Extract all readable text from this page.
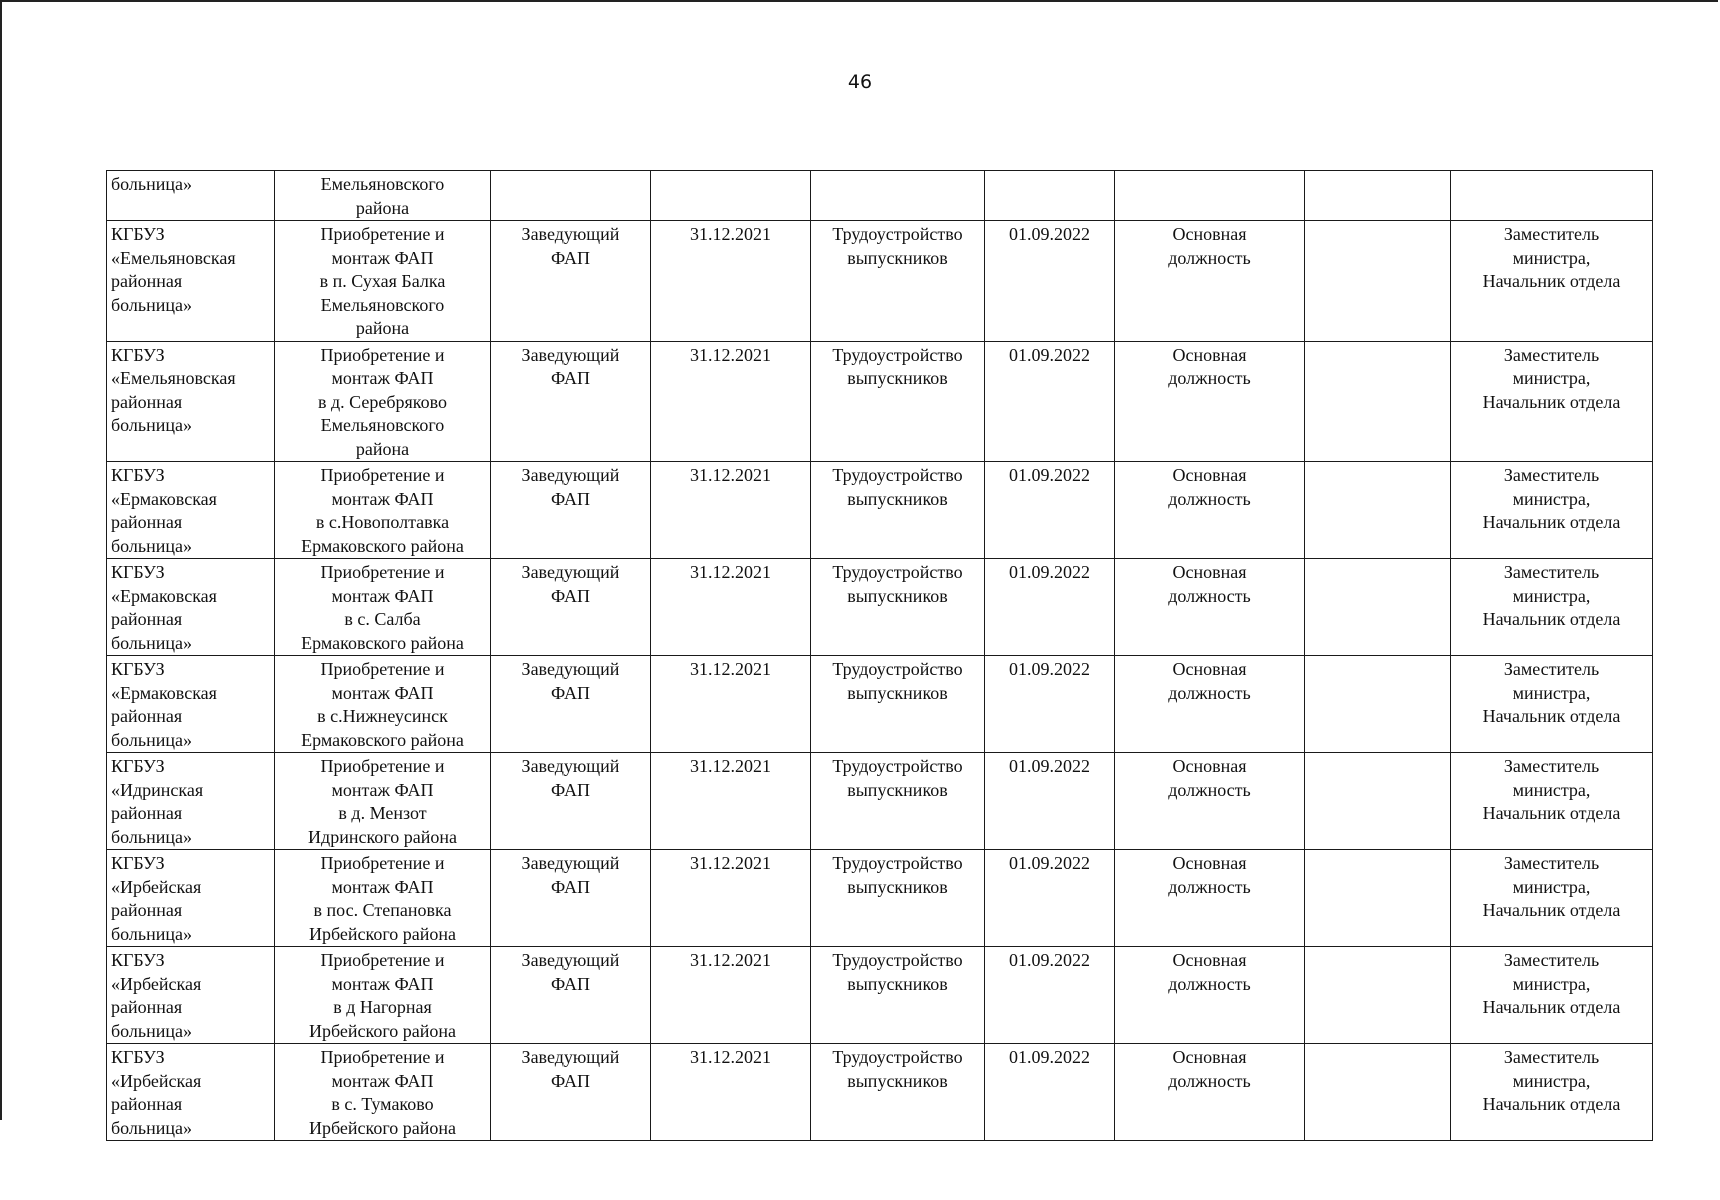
46
больница»	Емельяновского
района							

КГБУЗ
«Емельяновская
районная
больница»	Приобретение и
монтаж ФАП
в п. Сухая Балка
Емельяновского
района	Заведующий
ФАП	31.12.2021	Трудоустройство
выпускников	01.09.2022	Основная
должность		Заместитель
министра,
Начальник отдела

КГБУЗ
«Емельяновская
районная
больница»	Приобретение и
монтаж ФАП
в д. Серебряково
Емельяновского
района	Заведующий
ФАП	31.12.2021	Трудоустройство
выпускников	01.09.2022	Основная
должность		Заместитель
министра,
Начальник отдела

КГБУЗ
«Ермаковская
районная
больница»	Приобретение и
монтаж ФАП
в с.Новополтавка
Ермаковского района	Заведующий
ФАП	31.12.2021	Трудоустройство
выпускников	01.09.2022	Основная
должность		Заместитель
министра,
Начальник отдела

КГБУЗ
«Ермаковская
районная
больница»	Приобретение и
монтаж ФАП
в с. Салба
Ермаковского района	Заведующий
ФАП	31.12.2021	Трудоустройство
выпускников	01.09.2022	Основная
должность		Заместитель
министра,
Начальник отдела

КГБУЗ
«Ермаковская
районная
больница»	Приобретение и
монтаж ФАП
в с.Нижнеусинск
Ермаковского района	Заведующий
ФАП	31.12.2021	Трудоустройство
выпускников	01.09.2022	Основная
должность		Заместитель
министра,
Начальник отдела

КГБУЗ
«Идринская
районная
больница»	Приобретение и
монтаж ФАП
в д. Мензот
Идринского района	Заведующий
ФАП	31.12.2021	Трудоустройство
выпускников	01.09.2022	Основная
должность		Заместитель
министра,
Начальник отдела

КГБУЗ
«Ирбейская
районная
больница»	Приобретение и
монтаж ФАП
в пос. Степановка
Ирбейского района	Заведующий
ФАП	31.12.2021	Трудоустройство
выпускников	01.09.2022	Основная
должность		Заместитель
министра,
Начальник отдела

КГБУЗ
«Ирбейская
районная
больница»	Приобретение и
монтаж ФАП
в д Нагорная
Ирбейского района	Заведующий
ФАП	31.12.2021	Трудоустройство
выпускников	01.09.2022	Основная
должность		Заместитель
министра,
Начальник отдела

КГБУЗ
«Ирбейская
районная
больница»	Приобретение и
монтаж ФАП
в с. Тумаково
Ирбейского района	Заведующий
ФАП	31.12.2021	Трудоустройство
выпускников	01.09.2022	Основная
должность		Заместитель
министра,
Начальник отдела
